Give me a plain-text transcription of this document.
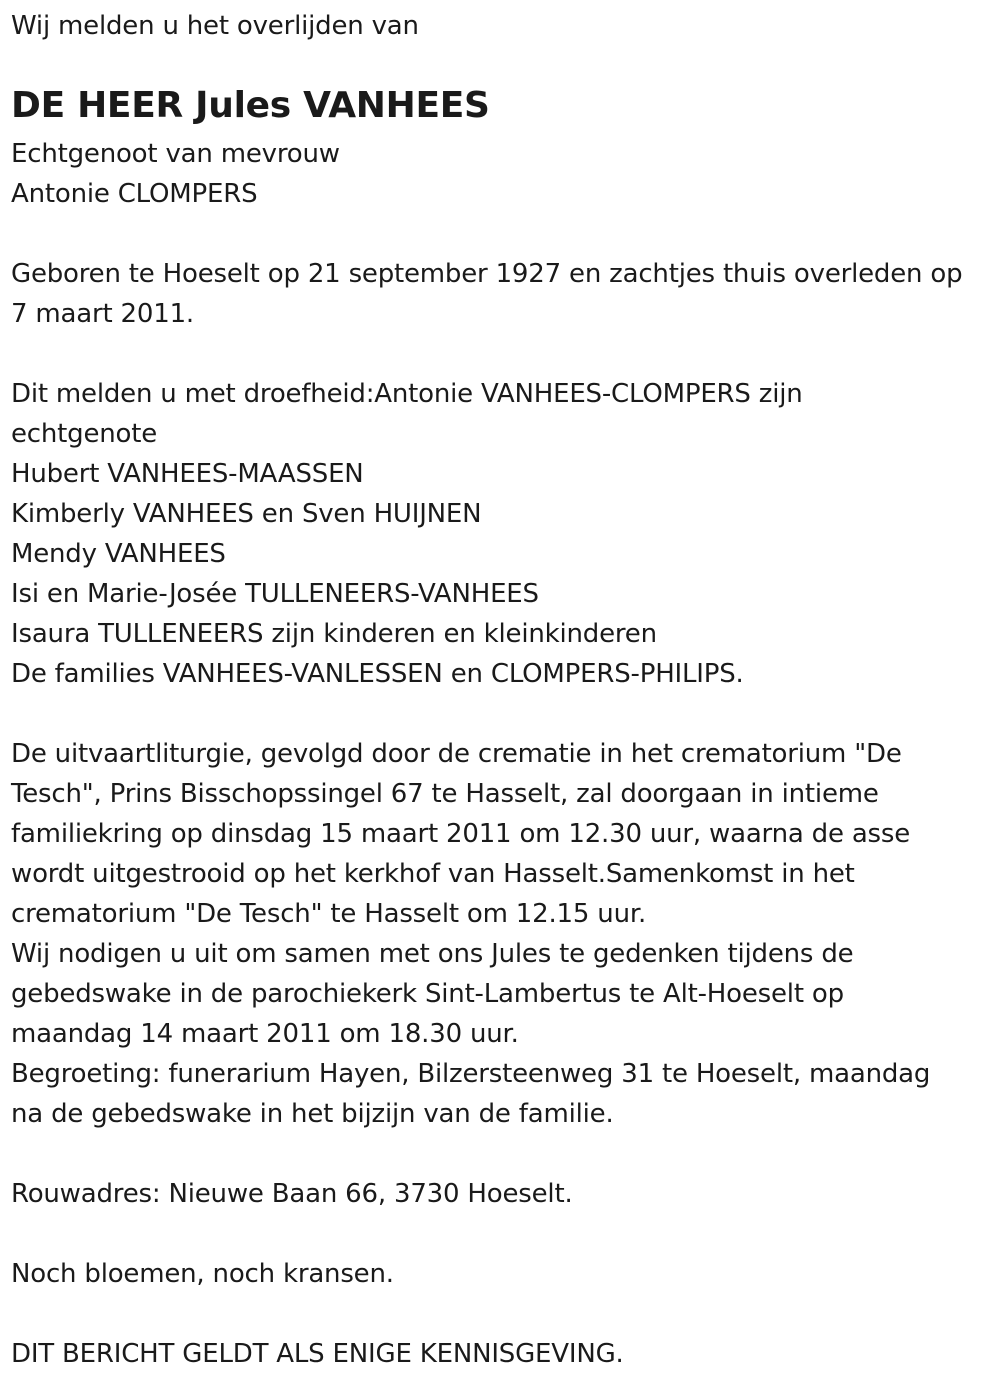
Wij melden u het overlijden van
DE HEER Jules VANHEES
Echtgenoot van mevrouw
Antonie CLOMPERS
Geboren te Hoeselt op 21 september 1927 en zachtjes thuis overleden op
7 maart 2011.
Dit melden u met droefheid:Antonie VANHEES-CLOMPERS zijn
echtgenote
Hubert VANHEES-MAASSEN
Kimberly VANHEES en Sven HUIJNEN
Mendy VANHEES
Isi en Marie-Josée TULLENEERS-VANHEES
Isaura TULLENEERS zijn kinderen en kleinkinderen
De families VANHEES-VANLESSEN en CLOMPERS-PHILIPS.
De uitvaartliturgie, gevolgd door de crematie in het crematorium "De
Tesch", Prins Bisschopssingel 67 te Hasselt, zal doorgaan in intieme
familiekring op dinsdag 15 maart 2011 om 12.30 uur, waarna de asse
wordt uitgestrooid op het kerkhof van Hasselt.Samenkomst in het
crematorium "De Tesch" te Hasselt om 12.15 uur.
Wij nodigen u uit om samen met ons Jules te gedenken tijdens de
gebedswake in de parochiekerk Sint-Lambertus te Alt-Hoeselt op
maandag 14 maart 2011 om 18.30 uur.
Begroeting: funerarium Hayen, Bilzersteenweg 31 te Hoeselt, maandag
na de gebedswake in het bijzijn van de familie.
Rouwadres: Nieuwe Baan 66, 3730 Hoeselt.
Noch bloemen, noch kransen.
DIT BERICHT GELDT ALS ENIGE KENNISGEVING.
